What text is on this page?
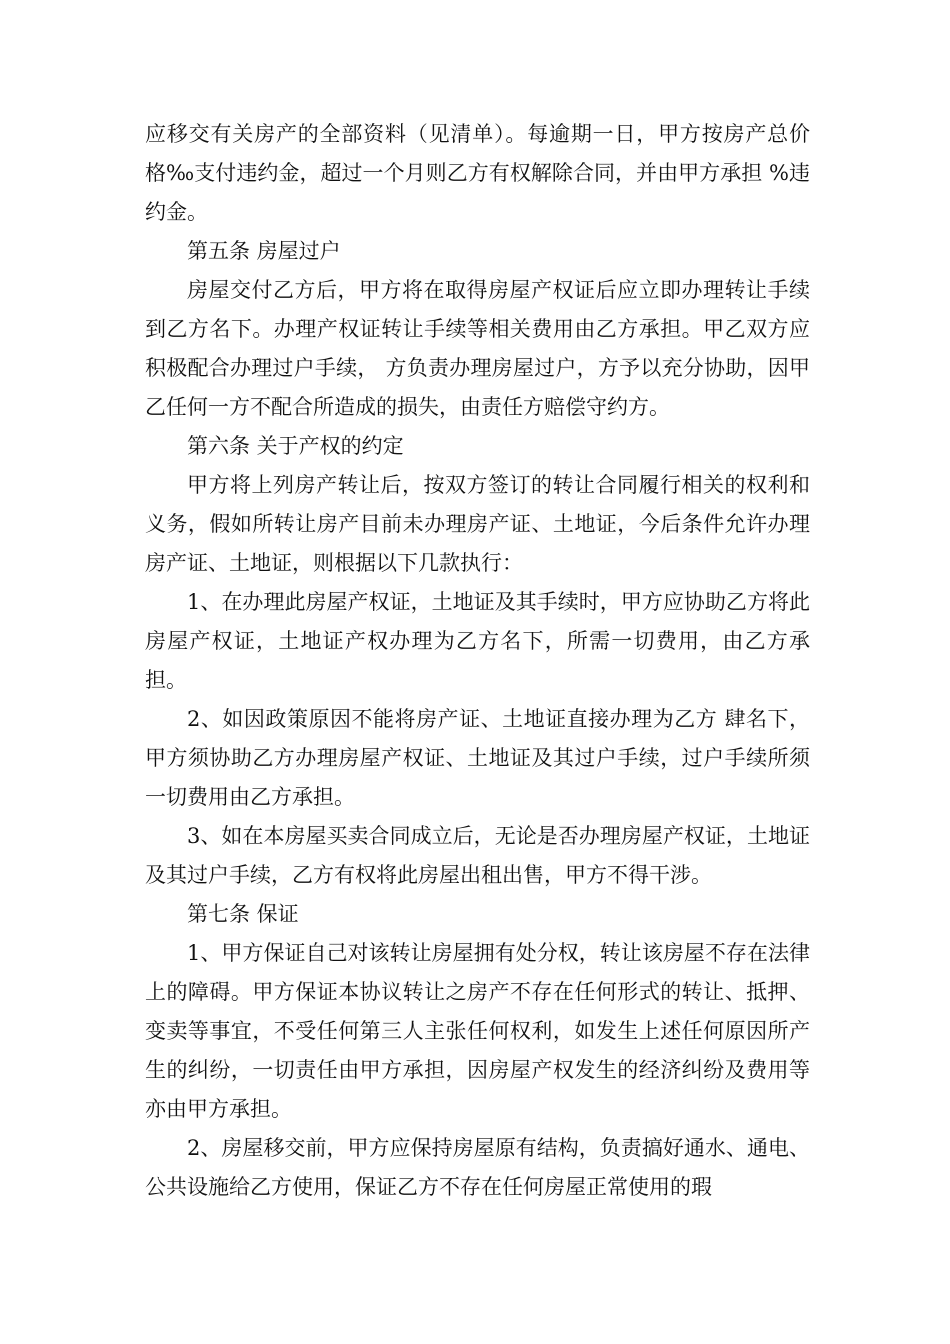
应移交有关房产的全部资料（见清单）。每逾期一日，甲方按房产总价格‰支付违约金，超过一个月则乙方有权解除合同，并由甲方承担 %违约金。

第五条 房屋过户

房屋交付乙方后，甲方将在取得房屋产权证后应立即办理转让手续到乙方名下。办理产权证转让手续等相关费用由乙方承担。甲乙双方应积极配合办理过户手续， 方负责办理房屋过户，方予以充分协助，因甲乙任何一方不配合所造成的损失，由责任方赔偿守约方。

第六条 关于产权的约定

甲方将上列房产转让后，按双方签订的转让合同履行相关的权利和义务，假如所转让房产目前未办理房产证、土地证，今后条件允许办理房产证、土地证，则根据以下几款执行：

1、在办理此房屋产权证，土地证及其手续时，甲方应协助乙方将此房屋产权证，土地证产权办理为乙方名下，所需一切费用，由乙方承担。

2、如因政策原因不能将房产证、土地证直接办理为乙方 肆名下，甲方须协助乙方办理房屋产权证、土地证及其过户手续，过户手续所须一切费用由乙方承担。

3、如在本房屋买卖合同成立后，无论是否办理房屋产权证，土地证及其过户手续，乙方有权将此房屋出租出售，甲方不得干涉。

第七条 保证

1、甲方保证自己对该转让房屋拥有处分权，转让该房屋不存在法律上的障碍。甲方保证本协议转让之房产不存在任何形式的转让、抵押、变卖等事宜，不受任何第三人主张任何权利，如发生上述任何原因所产生的纠纷，一切责任由甲方承担，因房屋产权发生的经济纠纷及费用等亦由甲方承担。

2、房屋移交前，甲方应保持房屋原有结构，负责搞好通水、通电、公共设施给乙方使用，保证乙方不存在任何房屋正常使用的瑕
